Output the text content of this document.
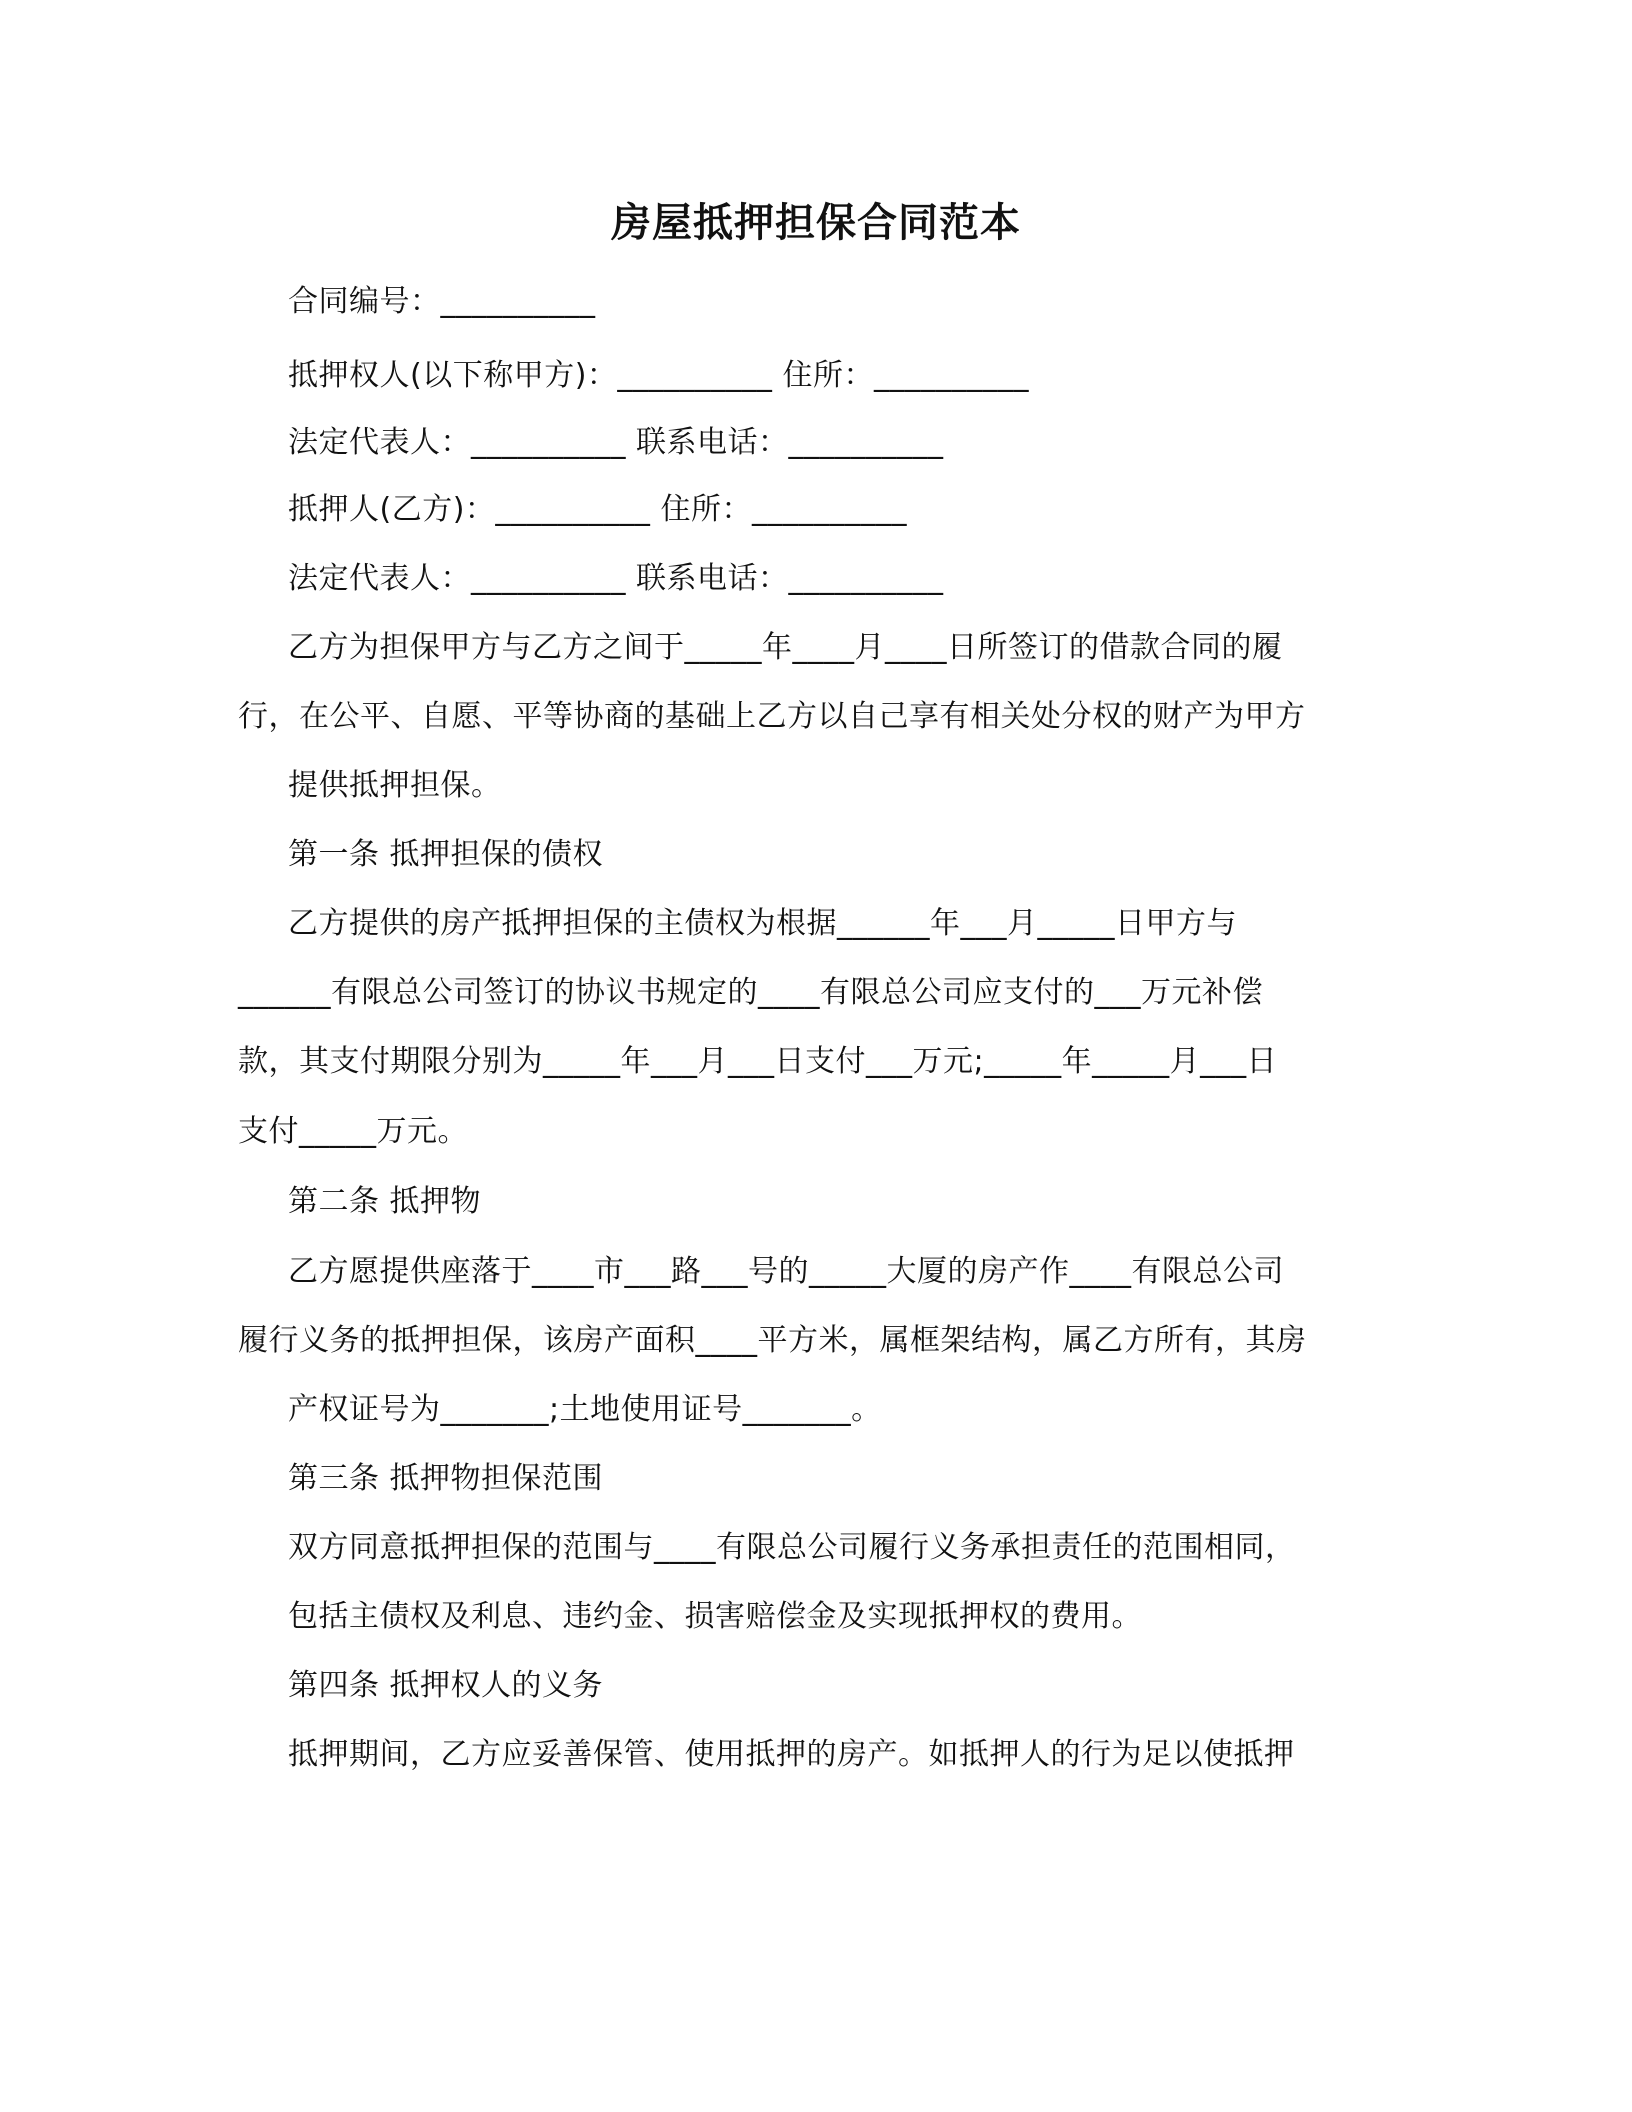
房屋抵押担保合同范本
合同编号：__________
抵押权人(以下称甲方)：__________ 住所：__________
法定代表人：__________ 联系电话：__________
抵押人(乙方)：__________ 住所：__________
法定代表人：__________ 联系电话：__________
乙方为担保甲方与乙方之间于_____年____月____日所签订的借款合同的履
行，在公平、自愿、平等协商的基础上乙方以自己享有相关处分权的财产为甲方
提供抵押担保。
第一条 抵押担保的债权
乙方提供的房产抵押担保的主债权为根据______年___月_____日甲方与
______有限总公司签订的协议书规定的____有限总公司应支付的___万元补偿
款，其支付期限分别为_____年___月___日支付___万元;_____年_____月___日
支付_____万元。
第二条 抵押物
乙方愿提供座落于____市___路___号的_____大厦的房产作____有限总公司
履行义务的抵押担保，该房产面积____平方米，属框架结构，属乙方所有，其房
产权证号为_______;土地使用证号_______。
第三条 抵押物担保范围
双方同意抵押担保的范围与____有限总公司履行义务承担责任的范围相同，
包括主债权及利息、违约金、损害赔偿金及实现抵押权的费用。
第四条 抵押权人的义务
抵押期间，乙方应妥善保管、使用抵押的房产。如抵押人的行为足以使抵押
